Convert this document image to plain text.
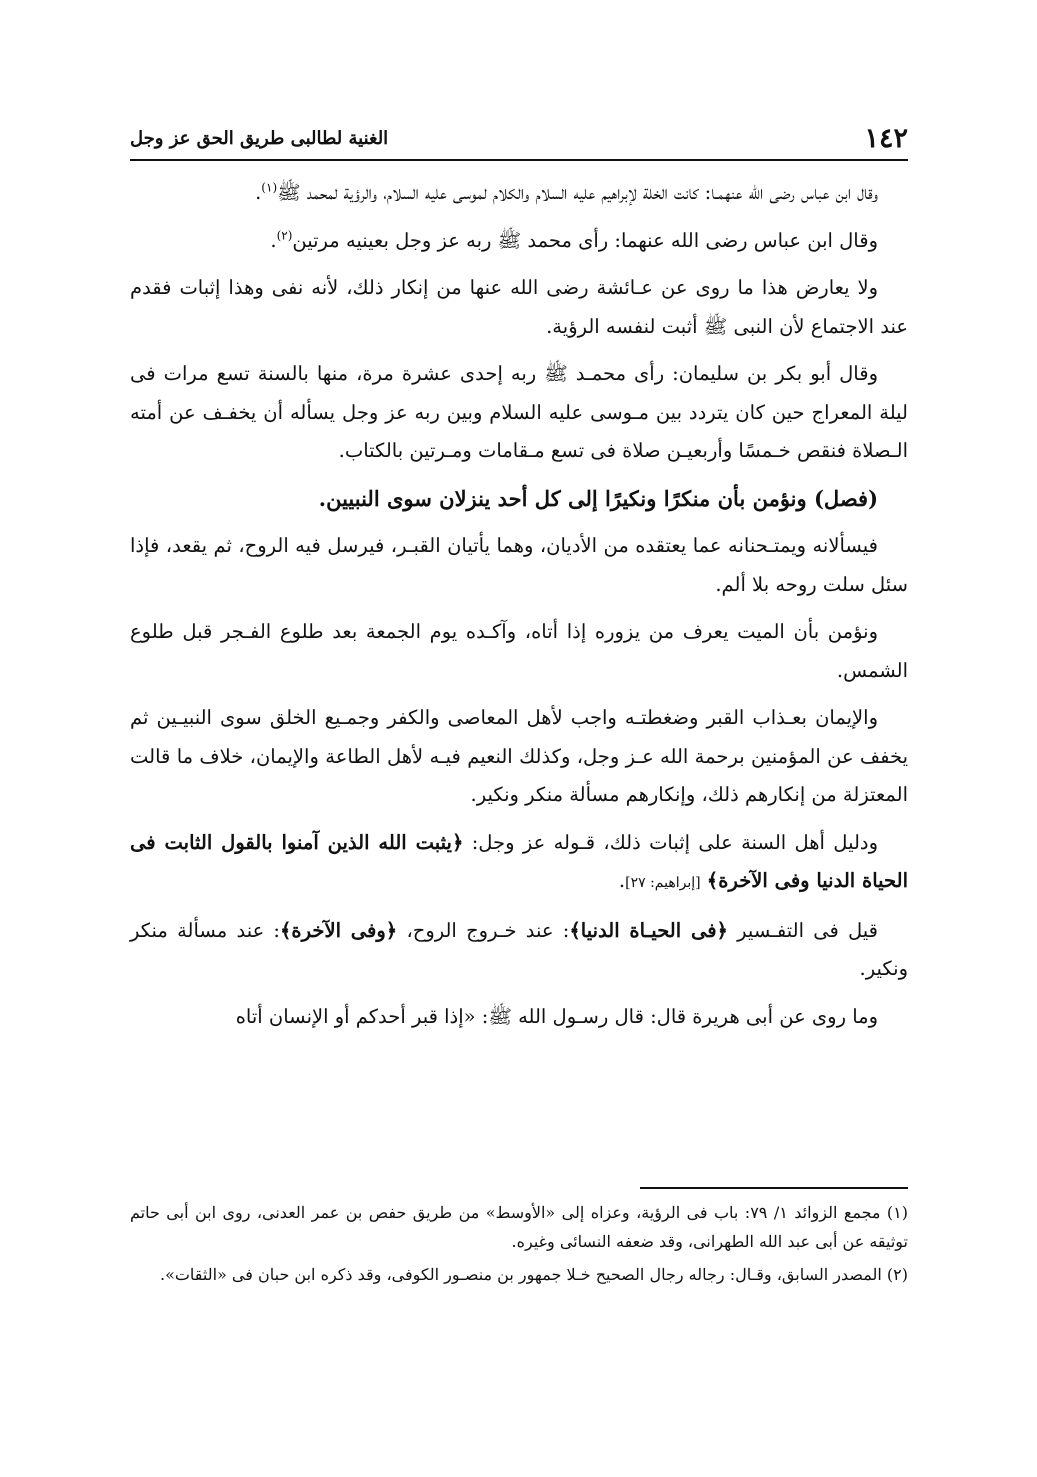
١٤٢
الغنية لطالبى طريق الحق عز وجل

وقال ابن عباس رضى الله عنهمـا: كانت الخلة لإبراهيم عليه السلام والكلام لموسى عليه السلام، والرؤية لمحمد ﷺ$^{(١)}$.

وقال ابن عباس رضى الله عنهما: رأى محمد ﷺ ربه عز وجل بعينيه مرتين$^{(٢)}$.

ولا يعارض هذا ما روى عن عـائشة رضى الله عنها من إنكار ذلك، لأنه نفى وهذا إثبات فقدم عند الاجتماع لأن النبى ﷺ أثبت لنفسه الرؤية.

وقال أبو بكر بن سليمان: رأى محمـد ﷺ ربه إحدى عشرة مرة، منها بالسنة تسع مرات فى ليلة المعراج حين كان يتردد بين مـوسى عليه السلام وبين ربه عز وجل يسأله أن يخفـف عن أمته الـصلاة فنقص خـمسًا وأربعيـن صلاة فى تسع مـقامات ومـرتين بالكتاب.

(فصل) ونؤمن بأن منكرًا ونكيرًا إلى كل أحد ينزلان سوى النبيين.

فيسألانه ويمتـحنانه عما يعتقده من الأديان، وهما يأتيان القبـر، فيرسل فيه الروح، ثم يقعد، فإذا سئل سلت روحه بلا ألم.

ونؤمن بأن الميت يعرف من يزوره إذا أتاه، وآكـده يوم الجمعة بعد طلوع الفـجر قبل طلوع الشمس.

والإيمان بعـذاب القبر وضغطتـه واجب لأهل المعاصى والكفر وجمـيع الخلق سوى النبيـين ثم يخفف عن المؤمنين برحمة الله عـز وجل، وكذلك النعيم فيـه لأهل الطاعة والإيمان، خلاف ما قالت المعتزلة من إنكارهم ذلك، وإنكارهم مسألة منكر ونكير.

ودليل أهل السنة على إثبات ذلك، قـوله عز وجل: ﴿يثبت الله الذين آمنوا بالقول الثابت فى الحياة الدنيا وفى الآخرة﴾ [إبراهيم: ٢٧].

قيل فى التفـسير ﴿فى الحيـاة الدنيا﴾: عند خـروج الروح، ﴿وفى الآخرة﴾: عند مسألة منكر ونكير.

وما روى عن أبى هريرة قال: قال رسـول الله ﷺ: «إذا قبر أحدكم أو الإنسان أتاه

(١) مجمع الزوائد ١/ ٧٩: باب فى الرؤية، وعزاه إلى «الأوسط» من طريق حفص بن عمر العدنى، روى ابن أبى حاتم توثيقه عن أبى عبد الله الطهرانى، وقد ضعفه النسائى وغيره.

(٢) المصدر السابق، وقـال: رجاله رجال الصحيح خـلا جمهور بن منصـور الكوفى، وقد ذكره ابن حبان فى «الثقات».
